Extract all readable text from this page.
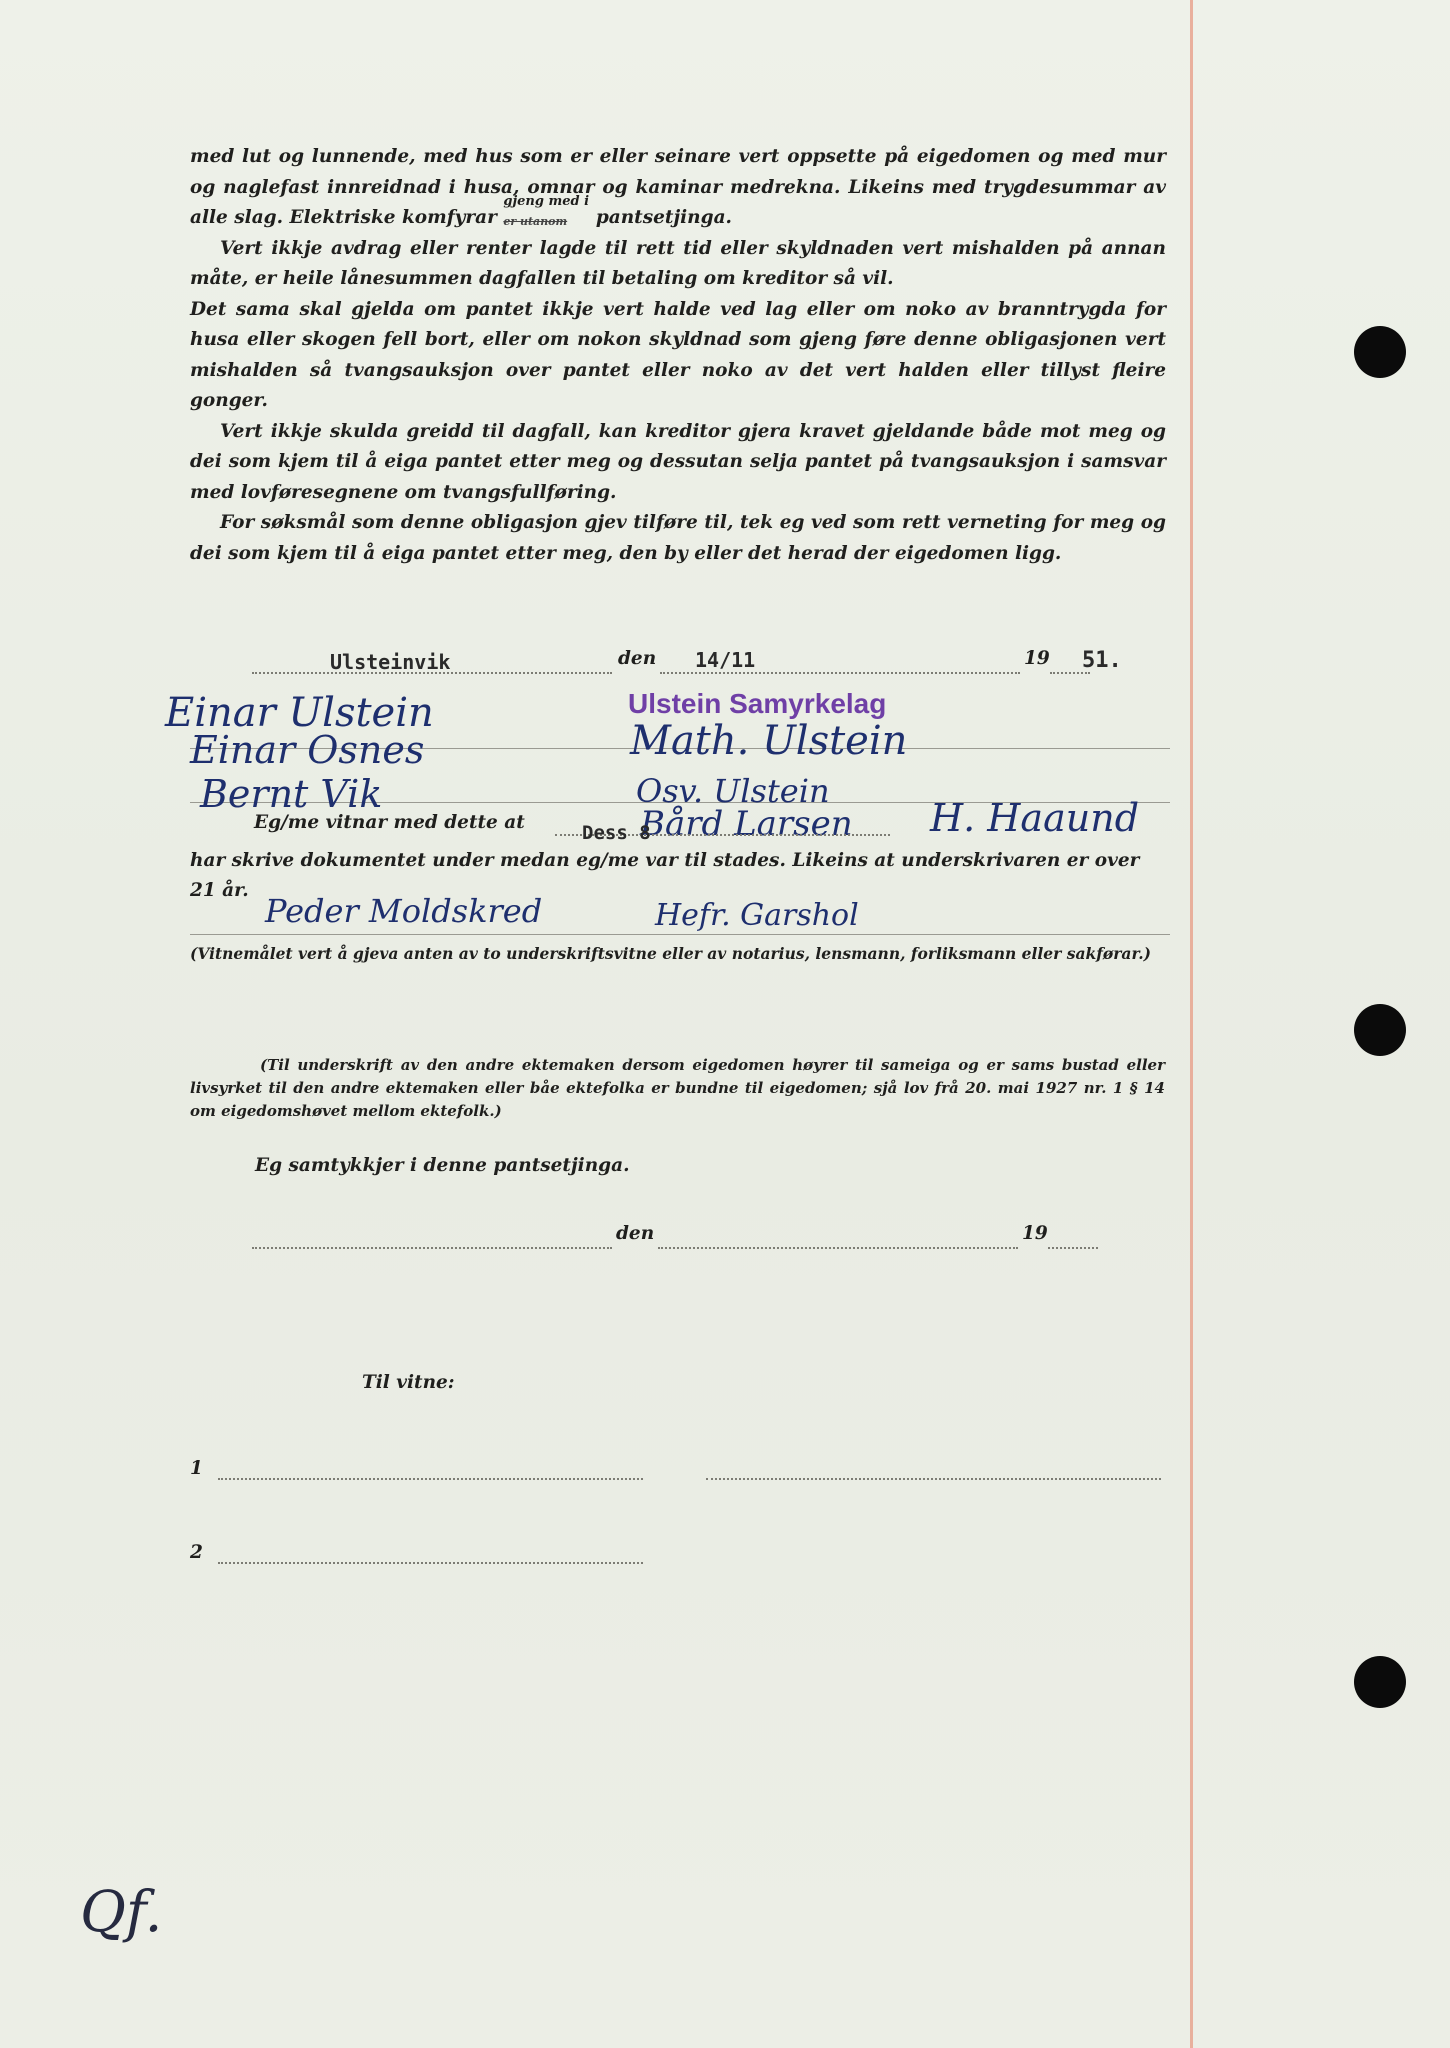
med lut og lunnende, med hus som er eller seinare vert oppsette på eigedomen og med mur og naglefast innreidnad i husa, omnar og kaminar medrekna. Likeins med trygdesummar av alle slag. Elektriske komfyrar
gjeng med i
er utanom pantsetjinga.

Vert ikkje avdrag eller renter lagde til rett tid eller skyldnaden vert mishalden på annan måte, er heile lånesummen dagfallen til betaling om kreditor så vil.

Det sama skal gjelda om pantet ikkje vert halde ved lag eller om noko av branntrygda for husa eller skogen fell bort, eller om nokon skyldnad som gjeng føre denne obligasjonen vert mishalden så tvangsauksjon over pantet eller noko av det vert halden eller tillyst fleire gonger.

Vert ikkje skulda greidd til dagfall, kan kreditor gjera kravet gjeldande både mot meg og dei som kjem til å eiga pantet etter meg og dessutan selja pantet på tvangsauksjon i samsvar med lovføresegnene om tvangsfullføring.

For søksmål som denne obligasjon gjev tilføre til, tek eg ved som rett verneting for meg og dei som kjem til å eiga pantet etter meg, den by eller det herad der eigedomen ligg.

Ulsteinvik	den 14/11	19 51.
Ulstein Samyrkelag
Einar Ulstein
Einar Osnes
Bernt Vik
Math. Ulstein
Osv. Ulstein
Bård Larsen H. Haaund
Eg/me vitnar med dette at	Dess 8
har skrive dokumentet under medan eg/me var til stades. Likeins at underskrivaren er over
21 år.
Peder Moldskred	Hefr. Garshol
(Vitnemålet vert å gjeva anten av to underskriftsvitne eller av notarius, lensmann, forliksmann eller sakførar.)
(Til underskrift av den andre ektemaken dersom eigedomen høyrer til sameiga og er sams bustad eller livsyrket til den andre ektemaken eller båe ektefolka er bundne til eigedomen; sjå lov frå 20. mai 1927 nr. 1 § 14 om eigedomshøvet mellom ektefolk.)
Eg samtykkjer i denne pantsetjinga.
den	19
Til vitne:
1
2
Qf.
